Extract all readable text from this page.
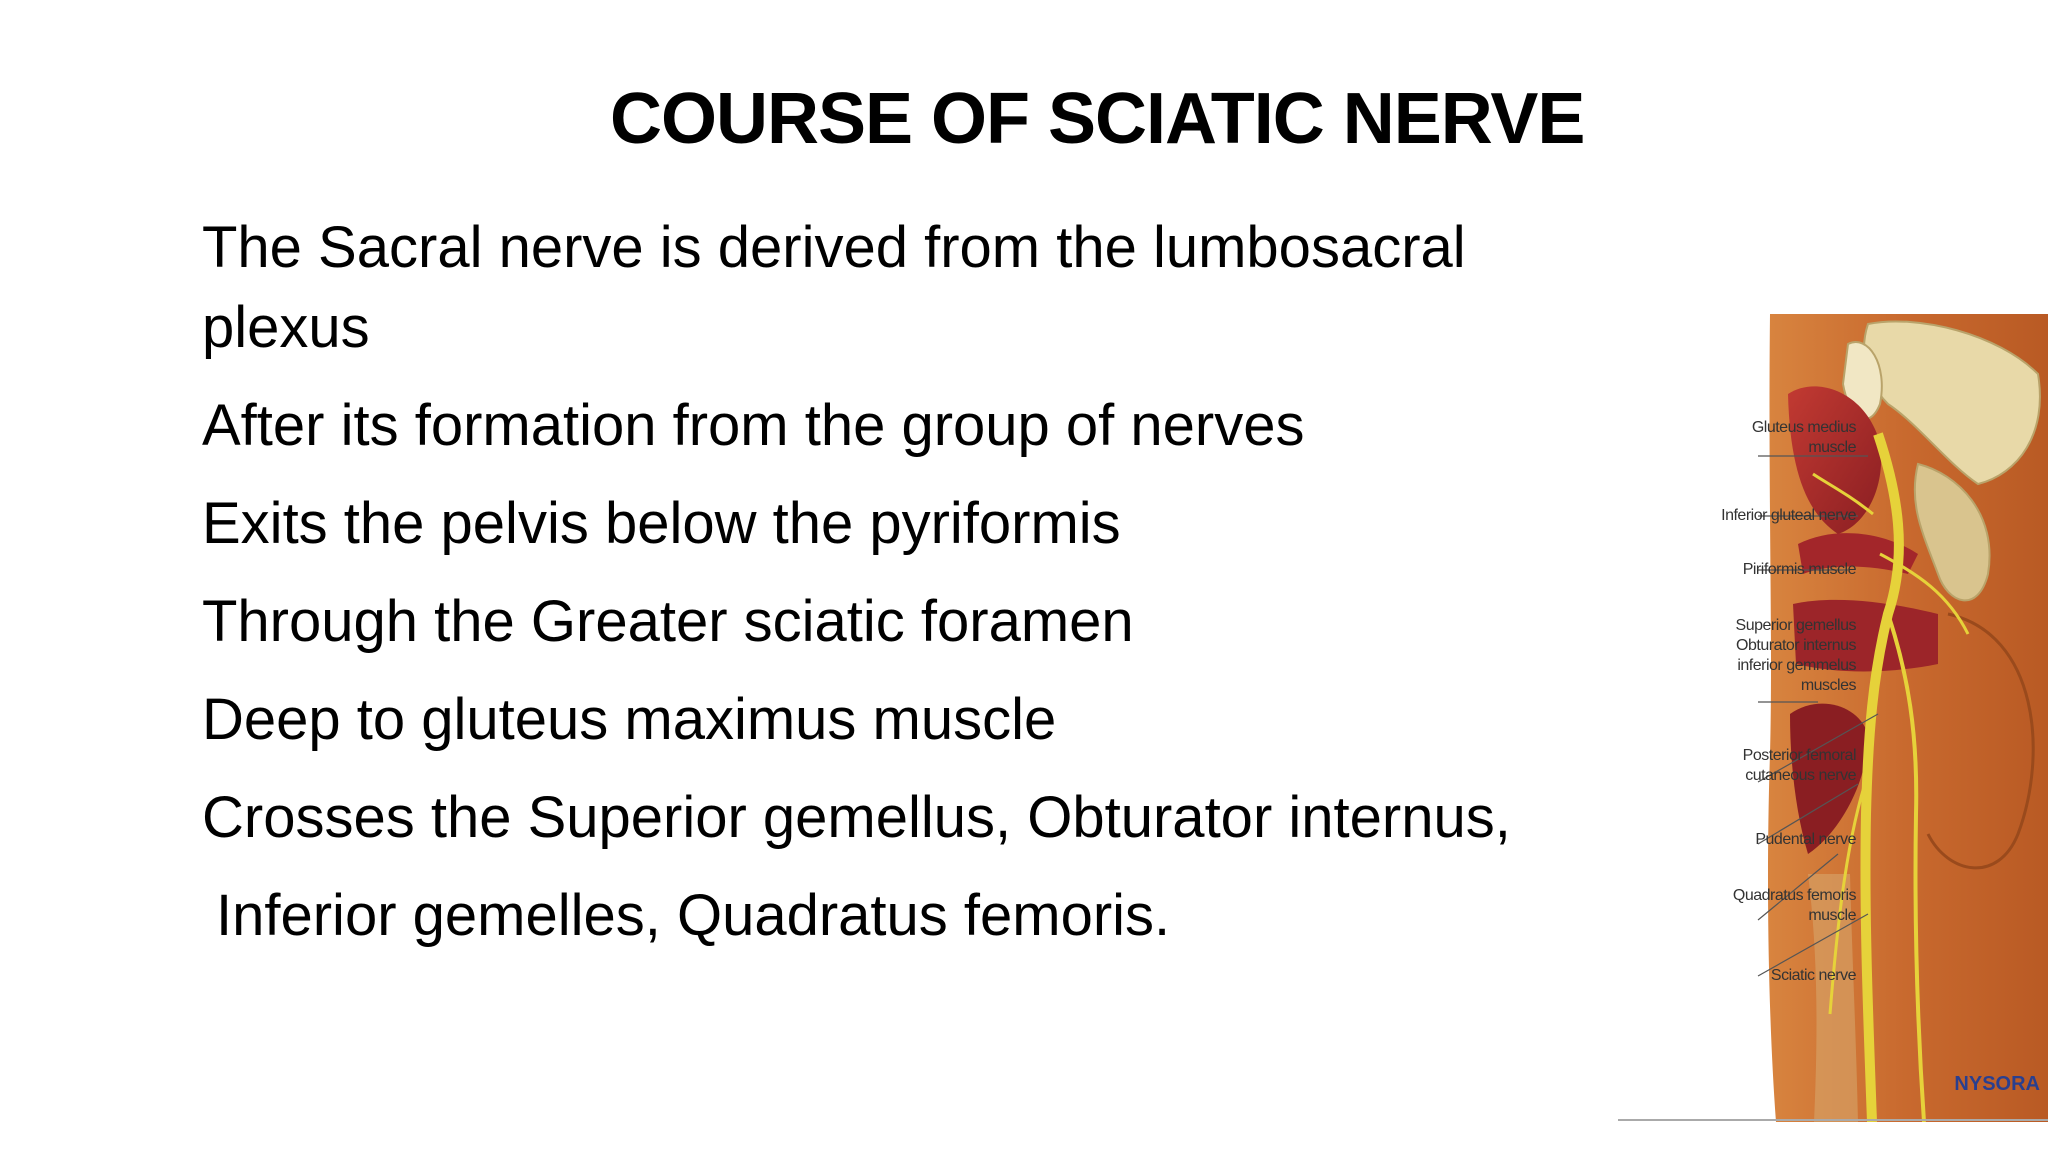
COURSE OF SCIATIC NERVE
The Sacral nerve is derived from the lumbosacral plexus
After its formation from the group of nerves
Exits the pelvis below the pyriformis
Through the Greater sciatic foramen
Deep to gluteus maximus muscle
Crosses the Superior gemellus, Obturator internus,
Inferior gemelles, Quadratus femoris.
Gluteus medius
muscle
Inferior gluteal nerve
Piriformis muscle
Superior gemellus
Obturator internus
inferior gemmelus
muscles
Posterior femoral
cutaneous nerve
Pudental nerve
Quadratus femoris
muscle
Sciatic nerve
NYSORA
